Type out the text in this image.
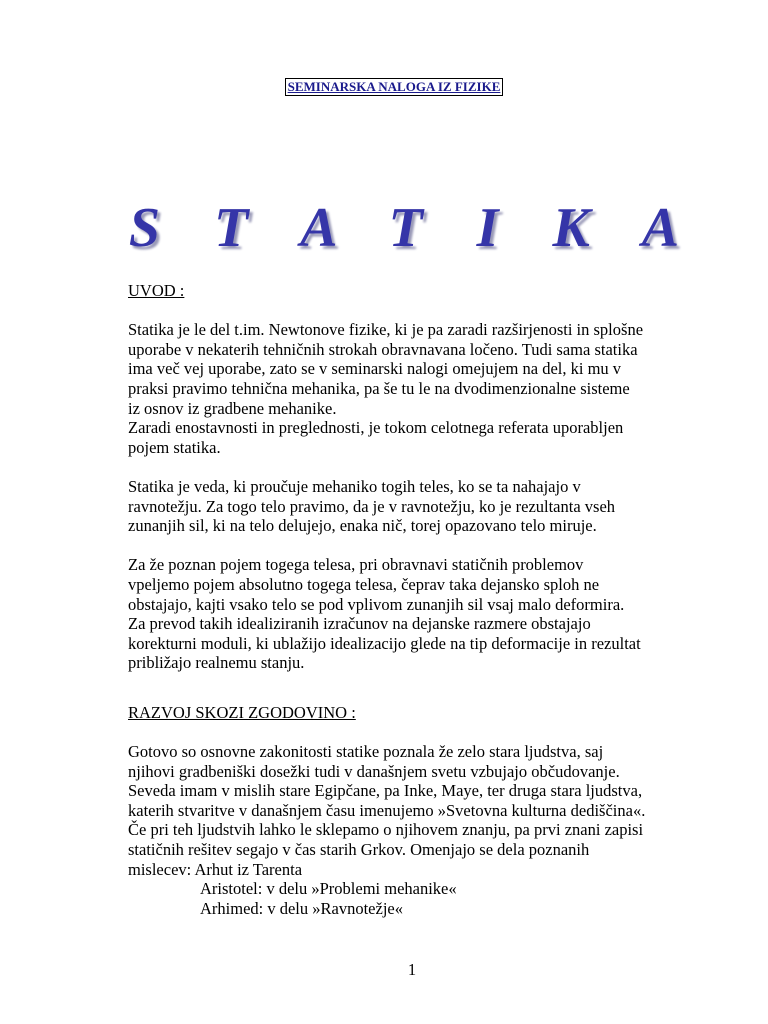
SEMINARSKA NALOGA IZ FIZIKE
S T A T I K A

UVOD :

Statika je le del t.im. Newtonove fizike, ki je pa zaradi razširjenosti in splošne
uporabe v nekaterih tehničnih strokah obravnavana ločeno. Tudi sama statika
ima več vej uporabe, zato se v seminarski nalogi omejujem na del, ki mu v
praksi pravimo tehnična mehanika, pa še tu le na dvodimenzionalne sisteme
iz osnov iz gradbene mehanike.
Zaradi enostavnosti in preglednosti, je tokom celotnega referata uporabljen
pojem statika.
Statika je veda, ki proučuje mehaniko togih teles, ko se ta nahajajo v
ravnotežju. Za togo telo pravimo, da je v ravnotežju, ko je rezultanta vseh
zunanjih sil, ki na telo delujejo, enaka nič, torej opazovano telo miruje.
Za že poznan pojem togega telesa, pri obravnavi statičnih problemov
vpeljemo pojem absolutno togega telesa, čeprav taka dejansko sploh ne
obstajajo, kajti vsako telo se pod vplivom zunanjih sil vsaj malo deformira.
Za prevod takih idealiziranih izračunov na dejanske razmere obstajajo
korekturni moduli, ki ublažijo idealizacijo glede na tip deformacije in rezultat
približajo realnemu stanju.

RAZVOJ SKOZI ZGODOVINO :

Gotovo so osnovne zakonitosti statike poznala že zelo stara ljudstva, saj
njihovi gradbeniški dosežki tudi v današnjem svetu vzbujajo občudovanje.
Seveda imam v mislih stare Egipčane, pa Inke, Maye, ter druga stara ljudstva,
katerih stvaritve v današnjem času imenujemo »Svetovna kulturna dediščina«.
Če pri teh ljudstvih lahko le sklepamo o njihovem znanju, pa prvi znani zapisi
statičnih rešitev segajo v čas starih Grkov. Omenjajo se dela poznanih
mislecev: Arhut iz Tarenta
Aristotel: v delu »Problemi mehanike«
Arhimed: v delu »Ravnotežje«
1
